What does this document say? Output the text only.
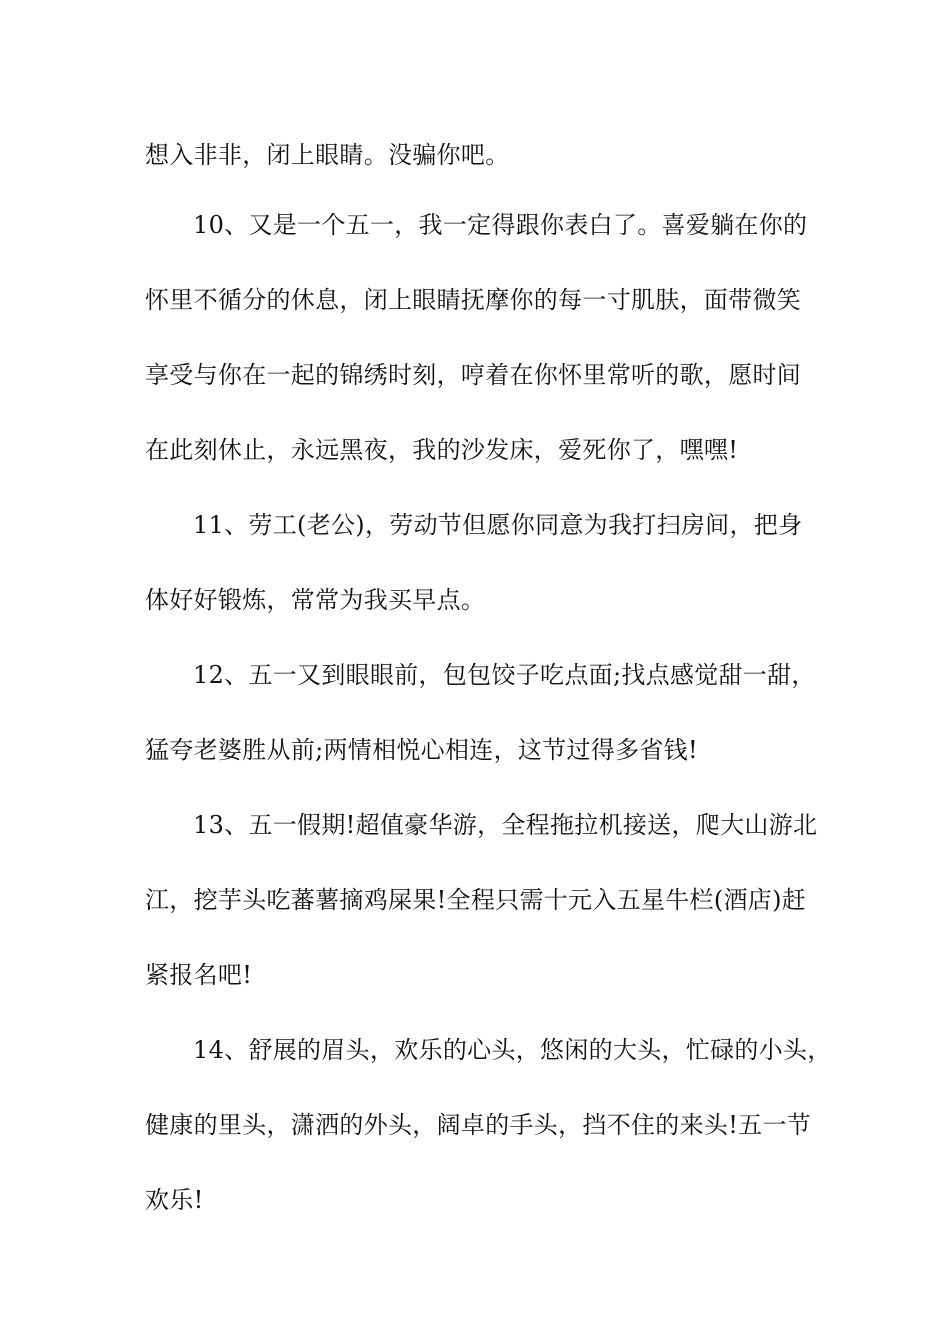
想入非非，闭上眼睛。没骗你吧。
10、又是一个五一，我一定得跟你表白了。喜爱躺在你的
怀里不循分的休息，闭上眼睛抚摩你的每一寸肌肤，面带微笑
享受与你在一起的锦绣时刻，哼着在你怀里常听的歌，愿时间
在此刻休止，永远黑夜，我的沙发床，爱死你了，嘿嘿!
11、劳工(老公)，劳动节但愿你同意为我打扫房间，把身
体好好锻炼，常常为我买早点。
12、五一又到眼眼前，包包饺子吃点面;找点感觉甜一甜，
猛夸老婆胜从前;两情相悦心相连，这节过得多省钱!
13、五一假期!超值豪华游，全程拖拉机接送，爬大山游北
江，挖芋头吃蕃薯摘鸡屎果!全程只需十元入五星牛栏(酒店)赶
紧报名吧!
14、舒展的眉头，欢乐的心头，悠闲的大头，忙碌的小头，
健康的里头，潇洒的外头，阔卓的手头，挡不住的来头!五一节
欢乐!
